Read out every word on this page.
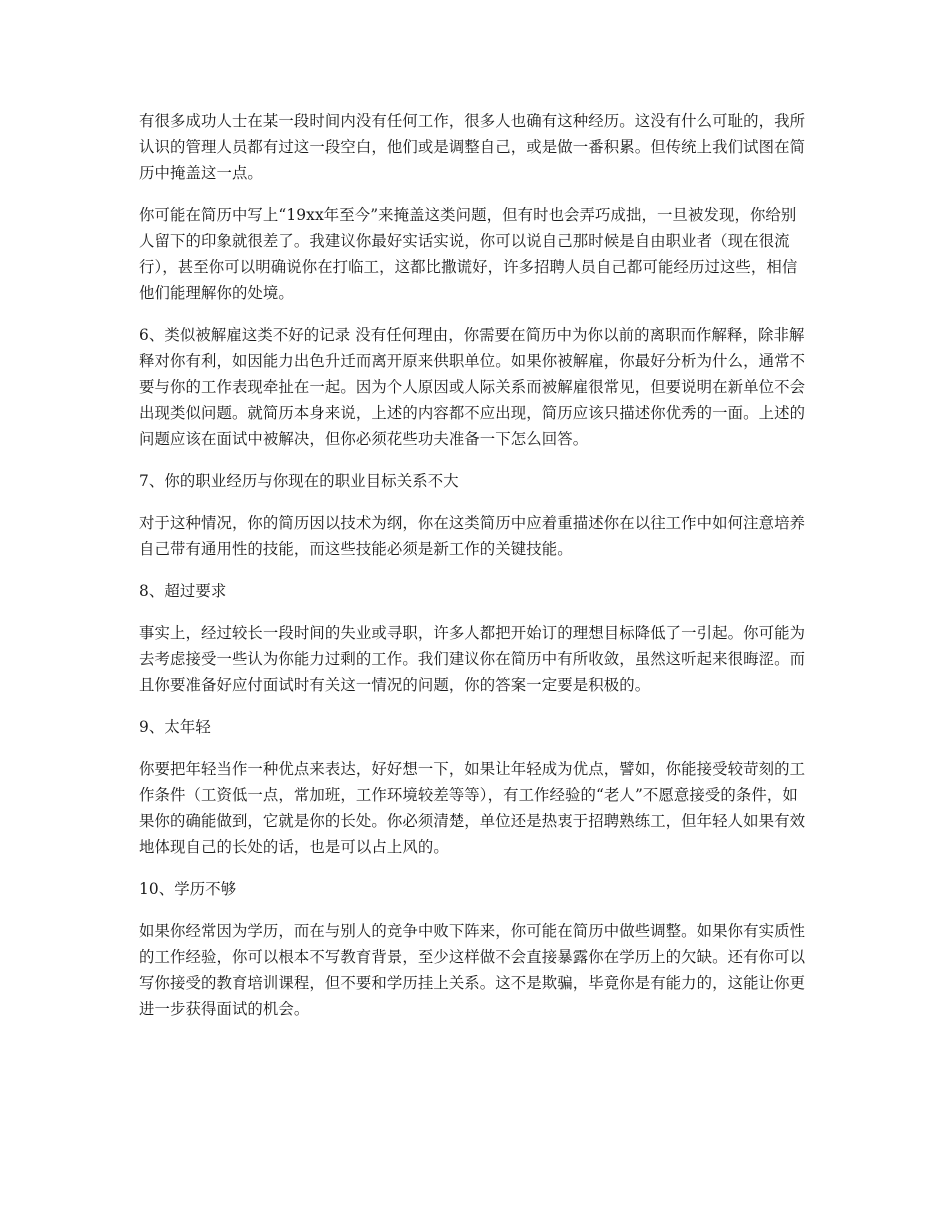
有很多成功人士在某一段时间内没有任何工作，很多人也确有这种经历。这没有什么可耻的，我所认识的管理人员都有过这一段空白，他们或是调整自己，或是做一番积累。但传统上我们试图在简历中掩盖这一点。

你可能在简历中写上“19xx年至今”来掩盖这类问题，但有时也会弄巧成拙，一旦被发现，你给别人留下的印象就很差了。我建议你最好实话实说，你可以说自己那时候是自由职业者（现在很流行），甚至你可以明确说你在打临工，这都比撒谎好，许多招聘人员自己都可能经历过这些，相信他们能理解你的处境。

6、类似被解雇这类不好的记录 没有任何理由，你需要在简历中为你以前的离职而作解释，除非解释对你有利，如因能力出色升迁而离开原来供职单位。如果你被解雇，你最好分析为什么，通常不要与你的工作表现牵扯在一起。因为个人原因或人际关系而被解雇很常见，但要说明在新单位不会出现类似问题。就简历本身来说，上述的内容都不应出现，简历应该只描述你优秀的一面。上述的问题应该在面试中被解决，但你必须花些功夫准备一下怎么回答。

7、你的职业经历与你现在的职业目标关系不大

对于这种情况，你的简历因以技术为纲，你在这类简历中应着重描述你在以往工作中如何注意培养自己带有通用性的技能，而这些技能必须是新工作的关键技能。

8、超过要求

事实上，经过较长一段时间的失业或寻职，许多人都把开始订的理想目标降低了一引起。你可能为去考虑接受一些认为你能力过剩的工作。我们建议你在简历中有所收敛，虽然这听起来很晦涩。而且你要准备好应付面试时有关这一情况的问题，你的答案一定要是积极的。

9、太年轻

你要把年轻当作一种优点来表达，好好想一下，如果让年轻成为优点，譬如，你能接受较苛刻的工作条件（工资低一点，常加班，工作环境较差等等），有工作经验的“老人”不愿意接受的条件，如果你的确能做到，它就是你的长处。你必须清楚，单位还是热衷于招聘熟练工，但年轻人如果有效地体现自己的长处的话，也是可以占上风的。

10、学历不够

如果你经常因为学历，而在与别人的竞争中败下阵来，你可能在简历中做些调整。如果你有实质性的工作经验，你可以根本不写教育背景，至少这样做不会直接暴露你在学历上的欠缺。还有你可以写你接受的教育培训课程，但不要和学历挂上关系。这不是欺骗，毕竟你是有能力的，这能让你更进一步获得面试的机会。
